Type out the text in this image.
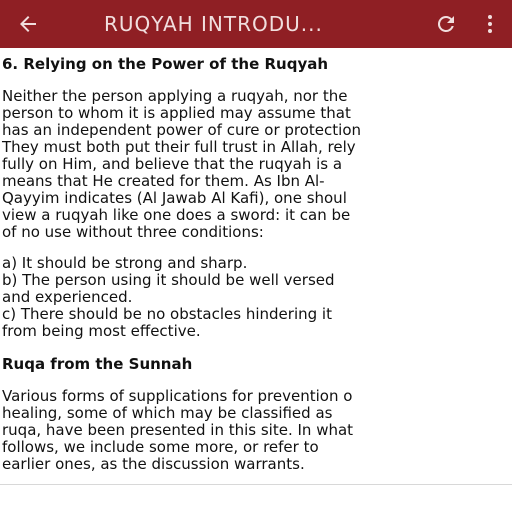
RUQYAH INTRODU...
6. Relying on the Power of the Ruqyah
Neither the person applying a ruqyah, nor the
person to whom it is applied may assume that
has an independent power of cure or protection
They must both put their full trust in Allah, rely
fully on Him, and believe that the ruqyah is a
means that He created for them. As Ibn Al-
Qayyim indicates (Al Jawab Al Kafi), one shoul
view a ruqyah like one does a sword: it can be
of no use without three conditions:
a) It should be strong and sharp.
b) The person using it should be well versed
and experienced.
c) There should be no obstacles hindering it
from being most effective.
Ruqa from the Sunnah
Various forms of supplications for prevention o
healing, some of which may be classified as
ruqa, have been presented in this site. In what
follows, we include some more, or refer to
earlier ones, as the discussion warrants.
